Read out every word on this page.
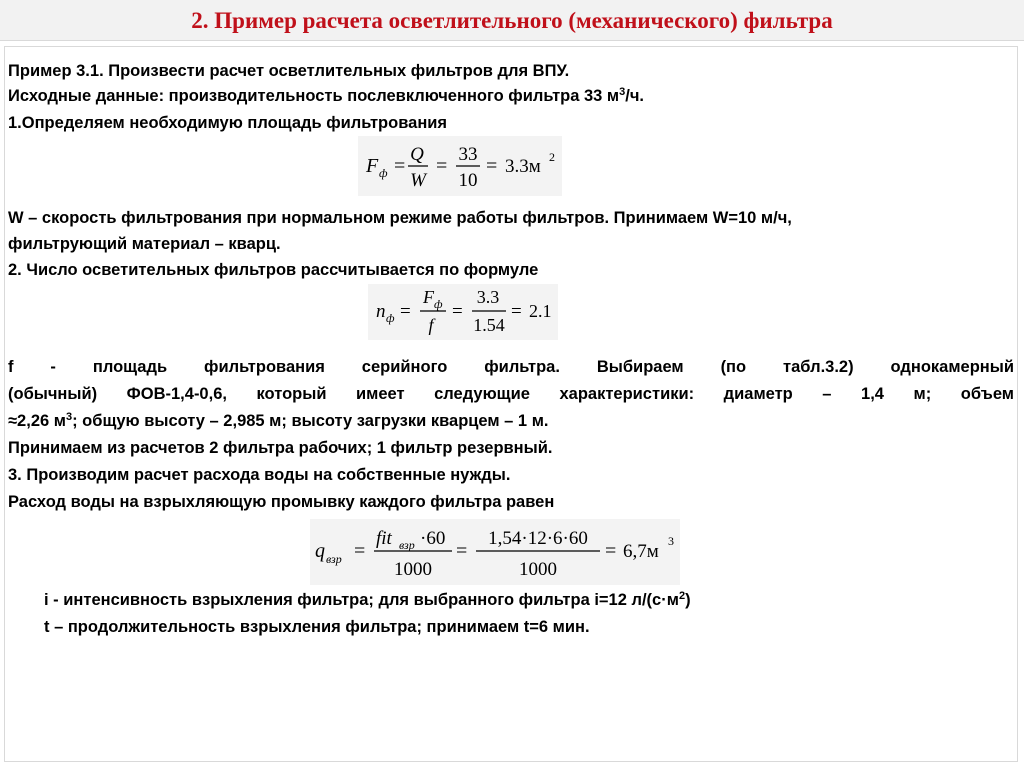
2. Пример расчета осветлительного (механического) фильтра
Пример 3.1. Произвести расчет осветлительных фильтров для ВПУ.
Исходные данные: производительность послевключенного фильтра 33 $м^3/ч$.
1.Определяем необходимую площадь фильтрования
F ф =
Q
W
=
33
10
= 3.3м 2
W – скорость фильтрования при нормальном режиме работы фильтров. Принимаем W=10 м/ч,
фильтрующий материал – кварц.
2. Число осветительных фильтров рассчитывается по формуле
n ф =
F ф
f
=
3.3
1.54
= 2.1
f - площадь фильтрования серийного фильтра. Выбираем (по табл.3.2) однокамерный
(обычный) ФОВ-1,4-0,6, который имеет следующие характеристики: диаметр – 1,4 м; объем
≈2,26 $м^3$; общую высоту – 2,985 м; высоту загрузки кварцем – 1 м.
Принимаем из расчетов 2 фильтра рабочих; 1 фильтр резервный.
3. Производим расчет расхода воды на собственные нужды.
Расход воды на взрыхляющую промывку каждого фильтра равен
q взр =
fit взр ·60
1000
=
1,54·12·6·60
1000
= 6,7м 3
i - интенсивность взрыхления фильтра; для выбранного фильтра i=12 $л/(с\cdot м^2)$
t – продолжительность взрыхления фильтра; принимаем t=6 мин.
